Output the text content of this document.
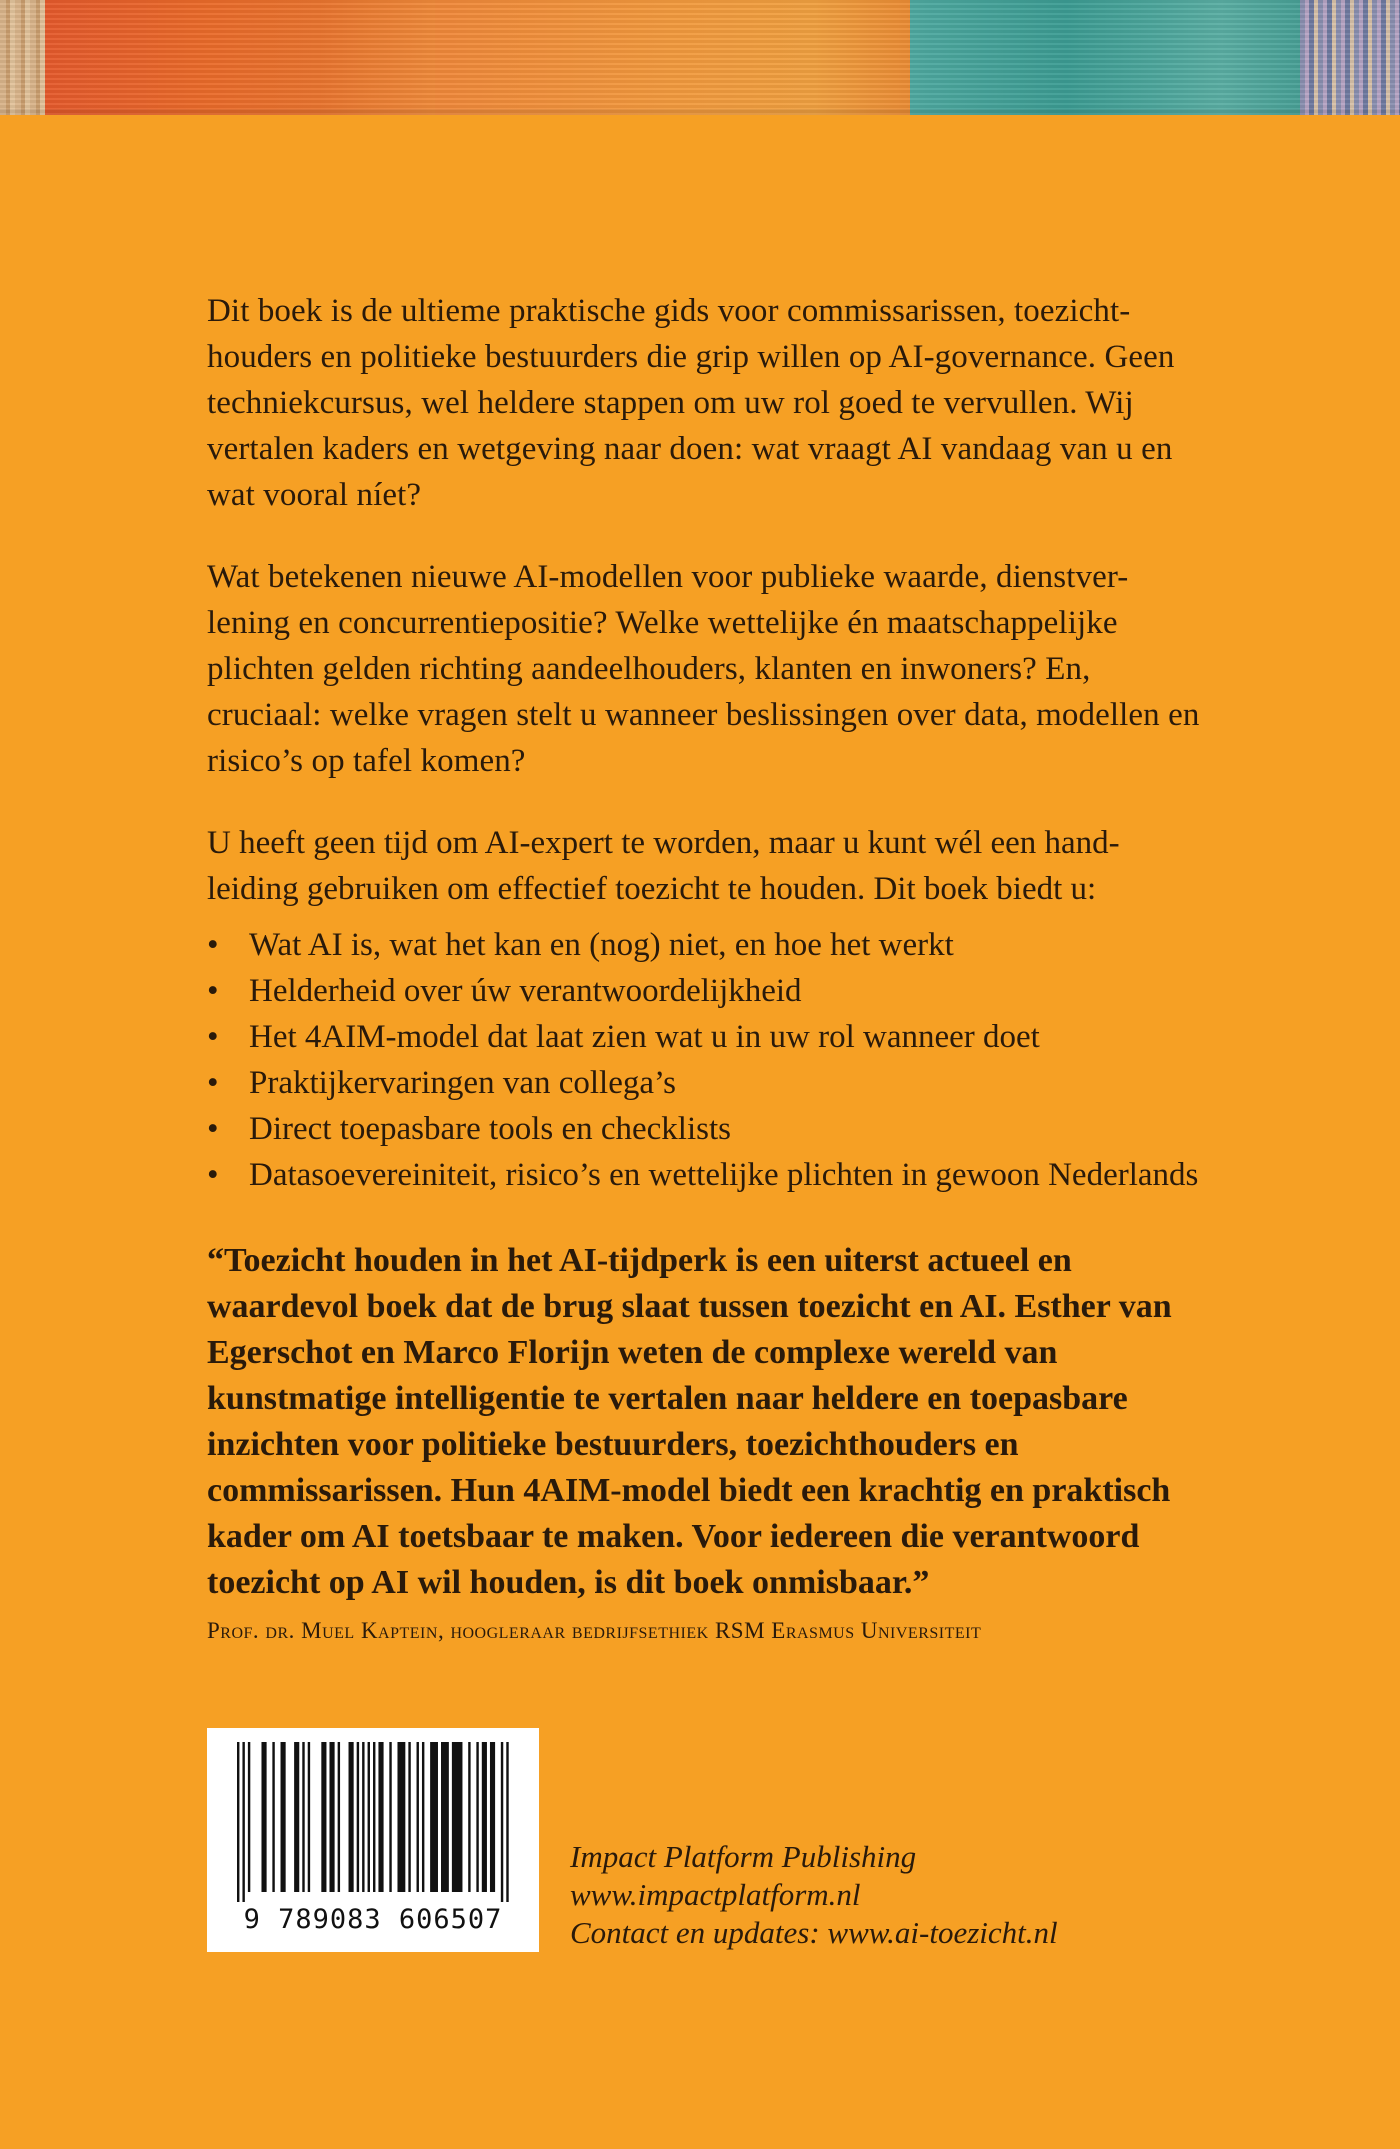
Dit boek is de ultieme praktische gids voor commissarissen, toezicht-houders en politieke bestuurders die grip willen op AI-governance. Geen techniekcursus, wel heldere stappen om uw rol goed te vervullen. Wij vertalen kaders en wetgeving naar doen: wat vraagt AI vandaag van u en wat vooral níet?

Wat betekenen nieuwe AI-modellen voor publieke waarde, dienstver-lening en concurrentiepositie? Welke wettelijke én maatschappelijke plichten gelden richting aandeelhouders, klanten en inwoners? En, cruciaal: welke vragen stelt u wanneer beslissingen over data, modellen en risico’s op tafel komen?

U heeft geen tijd om AI-expert te worden, maar u kunt wél een hand-leiding gebruiken om effectief toezicht te houden. Dit boek biedt u:

• Wat AI is, wat het kan en (nog) niet, en hoe het werkt
• Helderheid over úw verantwoordelijkheid
• Het 4AIM-model dat laat zien wat u in uw rol wanneer doet
• Praktijkervaringen van collega’s
• Direct toepasbare tools en checklists
• Datasoevereiniteit, risico’s en wettelijke plichten in gewoon Nederlands

“Toezicht houden in het AI-tijdperk is een uiterst actueel en waardevol boek dat de brug slaat tussen toezicht en AI. Esther van Egerschot en Marco Florijn weten de complexe wereld van kunstmatige intelligentie te vertalen naar heldere en toepasbare inzichten voor politieke bestuurders, toezichthouders en commissarissen. Hun 4AIM-model biedt een krachtig en praktisch kader om AI toetsbaar te maken. Voor iedereen die verantwoord toezicht op AI wil houden, is dit boek onmisbaar.”

Prof. dr. Muel Kaptein, hoogleraar bedrijfsethiek RSM Erasmus Universiteit
9 789083 606507
Impact Platform Publishing
www.impactplatform.nl
Contact en updates: www.ai-toezicht.nl
